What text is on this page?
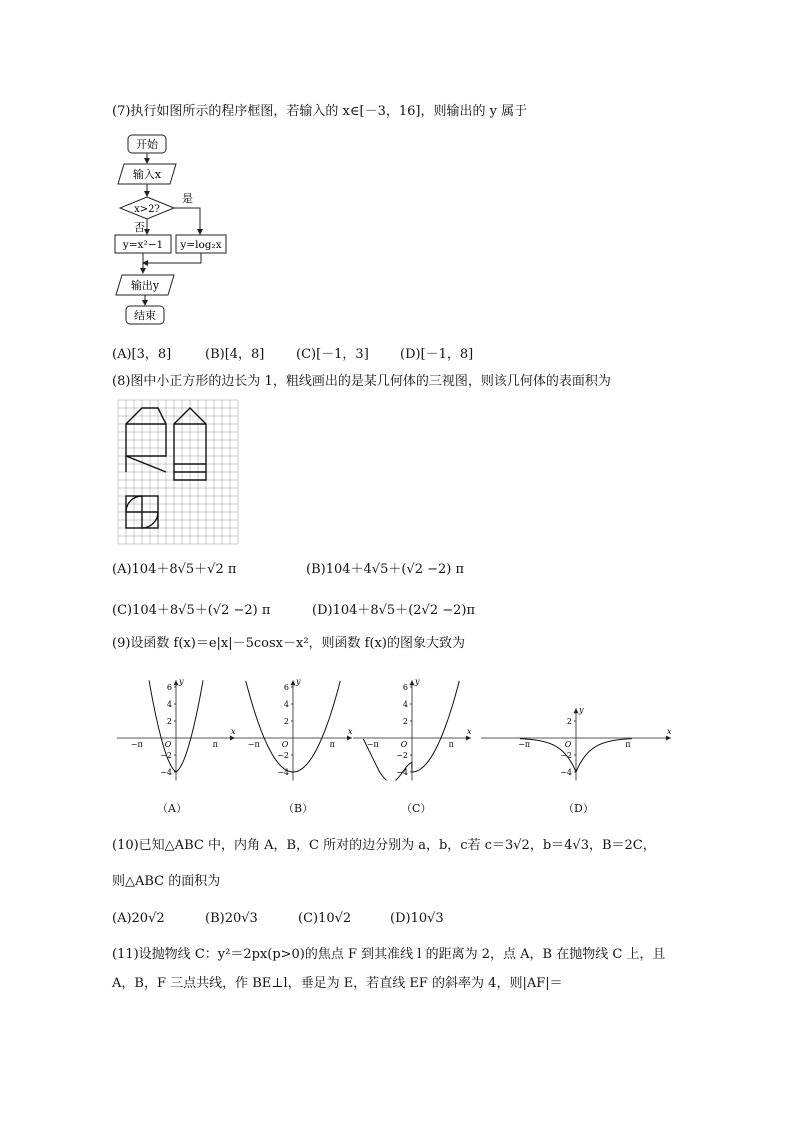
(7)执行如图所示的程序框图，若输入的 x∈[－3，16]，则输出的 y 属于
开始
输入x
x>2?
是
否
y=x²−1 y=log₂x
输出y
结束
(A)[3，8]	(B)[4，8] (C)[－1，3] (D)[－1，8]
(8)图中小正方形的边长为 1，粗线画出的是某几何体的三视图，则该几何体的表面积为
(A)104＋8√5＋√2 π	(B)104＋4√5＋(√2 −2) π
(C)104＋8√5＋(√2 −2) π	(D)104＋8√5＋(2√2 −2)π
(9)设函数 f(x)＝e|x|－5cosx－x²，则函数 f(x)的图象大致为
x
y
6
4
2
−2
−4
−π	O	π
x
y
6
4
2
−2
−4
−π	O	π
x
y
6
4
2
−2
−4
−π	O	π
x
y
2
−2
−4
−π	O	π
（A）	（B）	（C）	（D）
(10)已知△ABC 中，内角 A，B，C 所对的边分别为 a，b，c若 c＝3√2，b＝4√3，B＝2C，
则△ABC 的面积为
(A)20√2	(B)20√3	(C)10√2	(D)10√3
(11)设抛物线 C：y²＝2px(p>0)的焦点 F 到其准线 l 的距离为 2，点 A，B 在抛物线 C 上，且
A，B，F 三点共线，作 BE⊥l，垂足为 E，若直线 EF 的斜率为 4，则|AF|＝
